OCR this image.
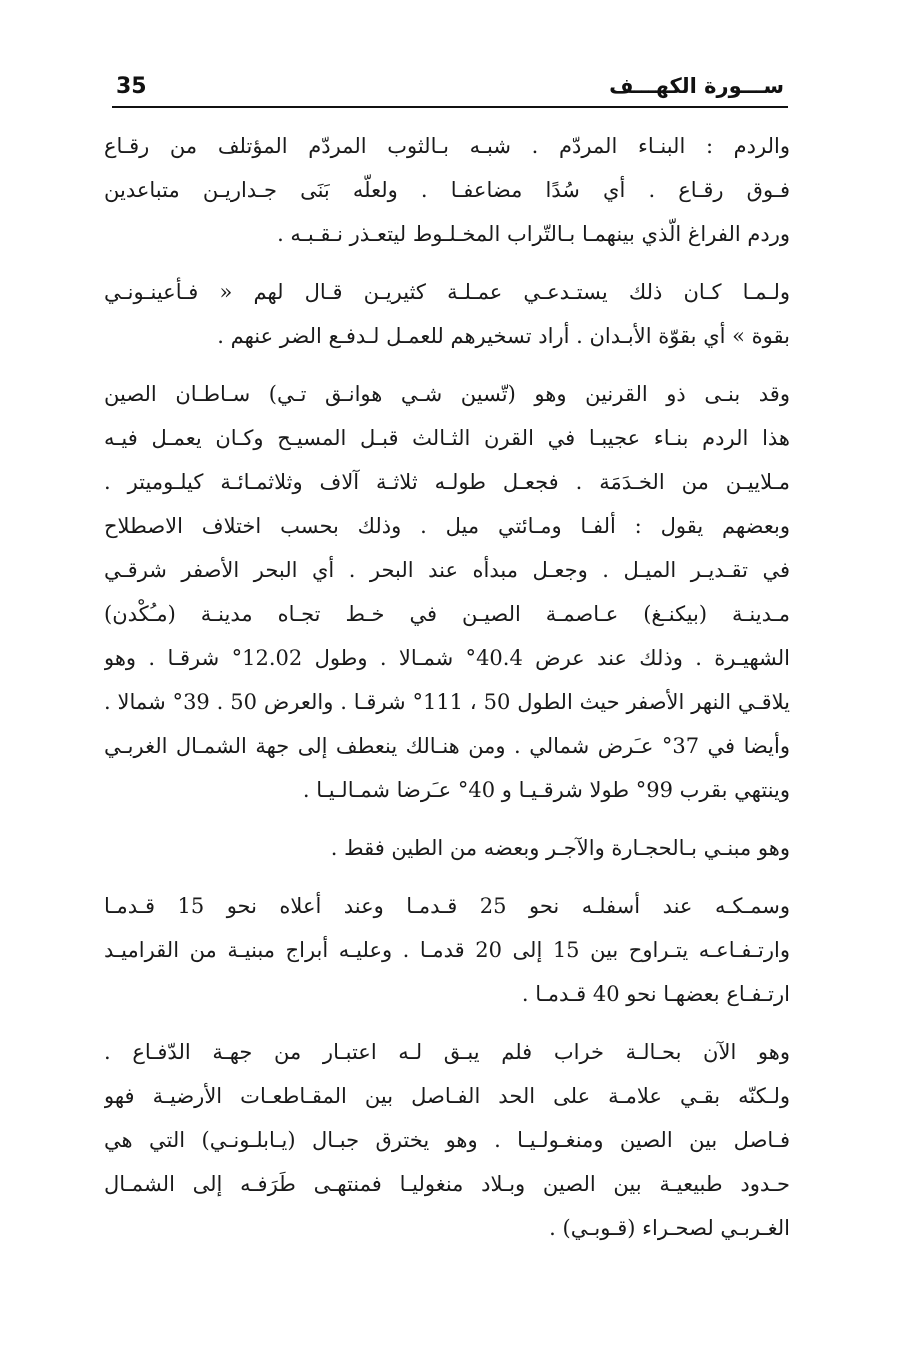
35	ســـورة الكهـــف
والردم : البنـاء المردّم . شبـه بـالثوب المردّم المؤتلف من رقـاع
فـوق رقـاع . أي سُدًا مضاعفـا . ولعلّه بَنَى جـداريـن متباعدين
وردم الفراغ الّذي بينهمـا بـالتّراب المخـلـوط ليتعـذر نـقـبـه .
ولـمـا كـان ذلك يستـدعـي عمـلـة كثيريـن قـال لهم « فـأعينـونـي
بقوة » أي بقوّة الأبـدان . أراد تسخيرهم للعمـل لـدفـع الضر عنهم .
وقد بنـى ذو القرنين وهو (تّسين شـي هوانـق تـي) سـاطـان الصين
هذا الردم بنـاء عجيبـا في القرن الثـالث قبـل المسيـح وكـان يعمـل فيـه
مـلاييـن من الخـدَمَة . فجعـل طولـه ثلاثـة آلاف وثلاثمـائـة كيلـوميتر .
وبعضهم يقول : ألفـا ومـائتي ميل . وذلك بحسب اختلاف الاصطلاح
في تقـديـر الميـل . وجعـل مبدأه عند البحر . أي البحر الأصفر شرقـي
مـدينـة (بيكنـغ) عـاصمـة الصيـن في خـط تجـاه مدينـة (مـُكْدن)
الشهيـرة . وذلك عند عرض 40.4° شمـالا . وطول 12.02° شرقـا . وهو
يلاقـي النهر الأصفر حيث الطول 50 ، 111° شرقـا . والعرض 50 . 39° شمالا .
وأيضا في 37° عـَرض شمالي . ومن هنـالك ينعطف إلى جهة الشمـال الغربـي
وينتهي بقرب 99° طولا شرقـيـا و 40° عـَرضا شمـالـيـا .
وهو مبنـي بـالحجـارة والآجـر وبعضه من الطين فقط .
وسمـكـه عند أسفلـه نحو 25 قـدمـا وعند أعلاه نحو 15 قـدمـا
وارتـفـاعـه يتـراوح بين 15 إلى 20 قدمـا . وعليـه أبراج مبنيـة من القراميـد
ارتـفـاع بعضهـا نحو 40 قـدمـا .
وهو الآن بحـالـة خراب فلم يبـق لـه اعتبـار من جهـة الدّفـاع .
ولـكنّه بقـي علامـة على الحد الفـاصل بين المقـاطعـات الأرضيـة فهو
فـاصل بين الصين ومنغـولـيـا . وهو يخترق جبـال (يـابلـونـي) التي هي
حـدود طبيعيـة بين الصين وبـلاد منغوليـا فمنتهـى طَرَفـه إلى الشمـال
الغـربـي لصحـراء (قـوبـي) .
